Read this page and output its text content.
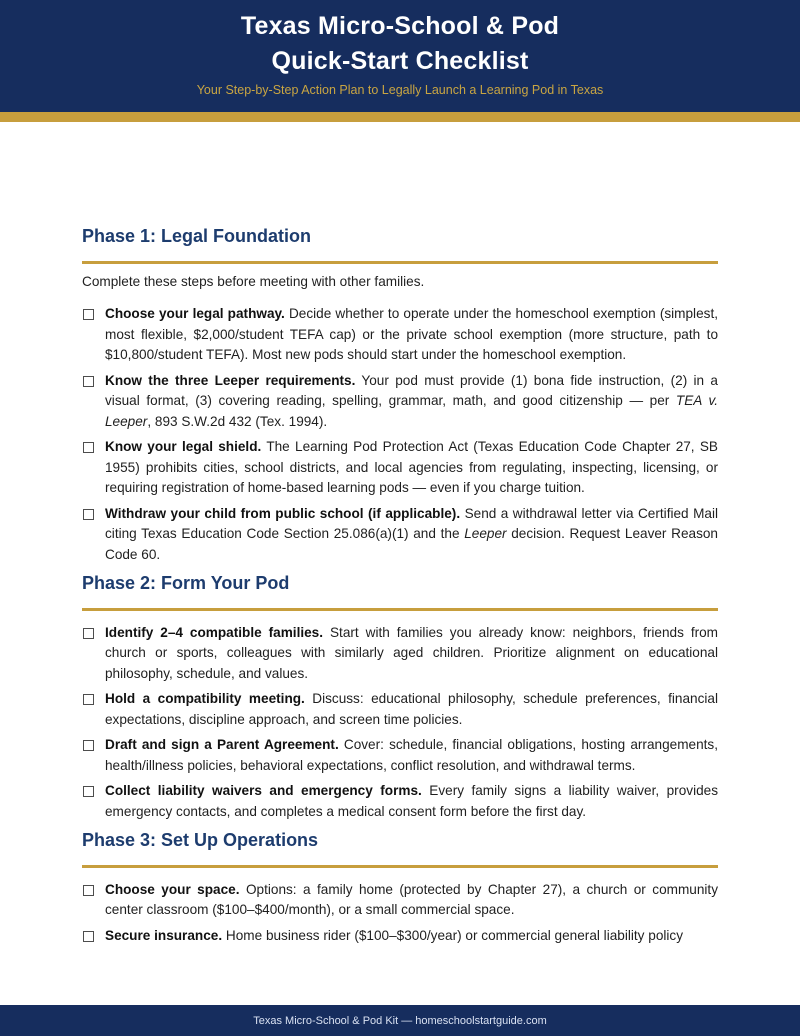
Texas Micro-School & Pod
Quick-Start Checklist
Your Step-by-Step Action Plan to Legally Launch a Learning Pod in Texas
Phase 1: Legal Foundation

Complete these steps before meeting with other families.

Choose your legal pathway. Decide whether to operate under the homeschool exemption (simplest, most flexible, $2,000/student TEFA cap) or the private school exemption (more structure, path to $10,800/student TEFA). Most new pods should start under the homeschool exemption.

Know the three Leeper requirements. Your pod must provide (1) bona fide instruction, (2) in a visual format, (3) covering reading, spelling, grammar, math, and good citizenship — per TEA v. Leeper, 893 S.W.2d 432 (Tex. 1994).

Know your legal shield. The Learning Pod Protection Act (Texas Education Code Chapter 27, SB 1955) prohibits cities, school districts, and local agencies from regulating, inspecting, licensing, or requiring registration of home-based learning pods — even if you charge tuition.

Withdraw your child from public school (if applicable). Send a withdrawal letter via Certified Mail citing Texas Education Code Section 25.086(a)(1) and the Leeper decision. Request Leaver Reason Code 60.

Phase 2: Form Your Pod

Identify 2–4 compatible families. Start with families you already know: neighbors, friends from church or sports, colleagues with similarly aged children. Prioritize alignment on educational philosophy, schedule, and values.

Hold a compatibility meeting. Discuss: educational philosophy, schedule preferences, financial expectations, discipline approach, and screen time policies.

Draft and sign a Parent Agreement. Cover: schedule, financial obligations, hosting arrangements, health/illness policies, behavioral expectations, conflict resolution, and withdrawal terms.

Collect liability waivers and emergency forms. Every family signs a liability waiver, provides emergency contacts, and completes a medical consent form before the first day.

Phase 3: Set Up Operations

Choose your space. Options: a family home (protected by Chapter 27), a church or community center classroom ($100–$400/month), or a small commercial space.

Secure insurance. Home business rider ($100–$300/year) or commercial general liability policy

Texas Micro-School & Pod Kit — homeschoolstartguide.com
